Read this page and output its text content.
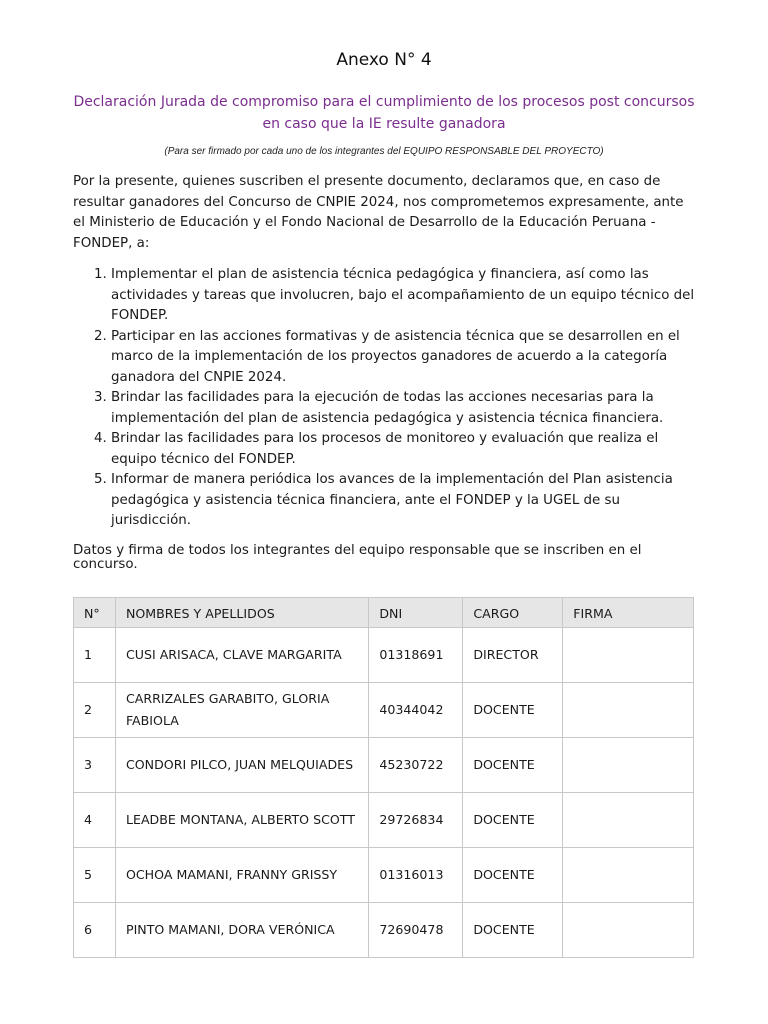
Anexo N° 4
Declaración Jurada de compromiso para el cumplimiento de los procesos post concursos en caso que la IE resulte ganadora
(Para ser firmado por cada uno de los integrantes del EQUIPO RESPONSABLE DEL PROYECTO)

Por la presente, quienes suscriben el presente documento, declaramos que, en caso de resultar ganadores del Concurso de CNPIE 2024, nos comprometemos expresamente, ante el Ministerio de Educación y el Fondo Nacional de Desarrollo de la Educación Peruana - FONDEP, a:

1. Implementar el plan de asistencia técnica pedagógica y financiera, así como las actividades y tareas que involucren, bajo el acompañamiento de un equipo técnico del FONDEP.
2. Participar en las acciones formativas y de asistencia técnica que se desarrollen en el marco de la implementación de los proyectos ganadores de acuerdo a la categoría ganadora del CNPIE 2024.
3. Brindar las facilidades para la ejecución de todas las acciones necesarias para la implementación del plan de asistencia pedagógica y asistencia técnica financiera.
4. Brindar las facilidades para los procesos de monitoreo y evaluación que realiza el equipo técnico del FONDEP.
5. Informar de manera periódica los avances de la implementación del Plan asistencia pedagógica y asistencia técnica financiera, ante el FONDEP y la UGEL de su jurisdicción.

Datos y firma de todos los integrantes del equipo responsable que se inscriben en el concurso.

N°	NOMBRES Y APELLIDOS	DNI	CARGO	FIRMA
1	CUSI ARISACA, CLAVE MARGARITA	01318691	DIRECTOR	
2	CARRIZALES GARABITO, GLORIA FABIOLA	40344042	DOCENTE	
3	CONDORI PILCO, JUAN MELQUIADES	45230722	DOCENTE	
4	LEADBE MONTANA, ALBERTO SCOTT	29726834	DOCENTE	
5	OCHOA MAMANI, FRANNY GRISSY	01316013	DOCENTE	
6	PINTO MAMANI, DORA VERÓNICA	72690478	DOCENTE	
